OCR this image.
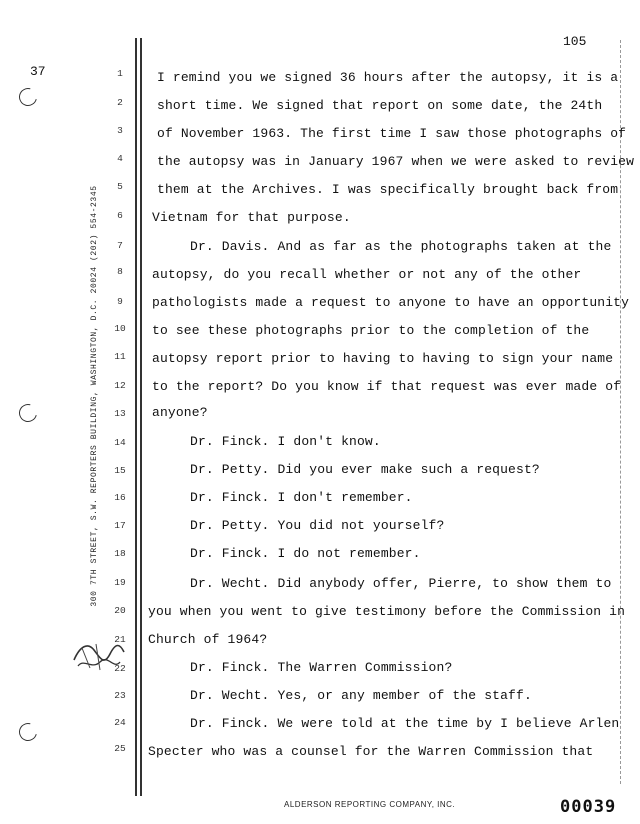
105
37
300 7TH STREET, S.W. REPORTERS BUILDING, WASHINGTON, D.C. 20024 (202) 554-2345
1	I remind you we signed 36 hours after the autopsy, it is a
2	short time. We signed that report on some date, the 24th
3	of November 1963. The first time I saw those photographs of
4	the autopsy was in January 1967 when we were asked to review
5	them at the Archives. I was specifically brought back from
6	Vietnam for that purpose.
7	Dr. Davis. And as far as the photographs taken at the
8	autopsy, do you recall whether or not any of the other
9	pathologists made a request to anyone to have an opportunity
10	to see these photographs prior to the completion of the
11	autopsy report prior to having to having to sign your name
12	to the report? Do you know if that request was ever made of
13	anyone?
14	Dr. Finck. I don't know.
15	Dr. Petty. Did you ever make such a request?
16	Dr. Finck. I don't remember.
17	Dr. Petty. You did not yourself?
18	Dr. Finck. I do not remember.
19	Dr. Wecht. Did anybody offer, Pierre, to show them to
20	you when you went to give testimony before the Commission in
21	Church of 1964?
22	Dr. Finck. The Warren Commission?
23	Dr. Wecht. Yes, or any member of the staff.
24	Dr. Finck. We were told at the time by I believe Arlen
25	Specter who was a counsel for the Warren Commission that
ALDERSON REPORTING COMPANY, INC.	00039
